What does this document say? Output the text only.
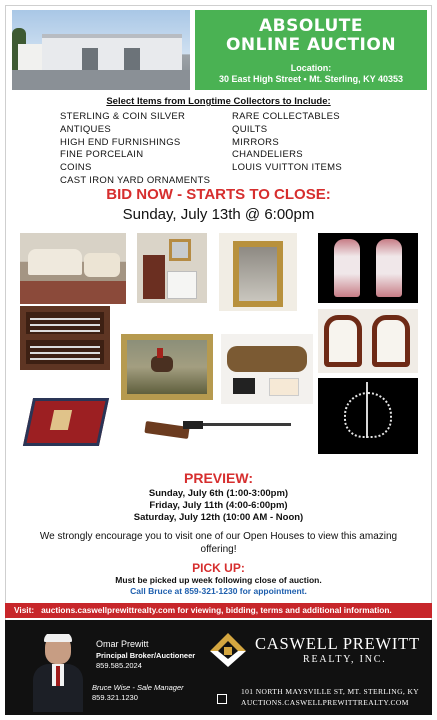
ABSOLUTE
ONLINE AUCTION
Location:
30 East High Street • Mt. Sterling, KY 40353
Select Items from Longtime Collectors to Include:
STERLING & COIN SILVER
ANTIQUES
HIGH END FURNISHINGS
FINE PORCELAIN
COINS
CAST IRON YARD ORNAMENTS
RARE COLLECTABLES
QUILTS
MIRRORS
CHANDELIERS
LOUIS VUITTON ITEMS
BID NOW - STARTS TO CLOSE:
Sunday, July 13th @ 6:00pm
PREVIEW:
Sunday, July 6th (1:00-3:00pm)
Friday, July 11th (4:00-6:00pm)
Saturday, July 12th (10:00 AM - Noon)
We strongly encourage you to visit one of our Open Houses to view this amazing
offering!
PICK UP:
Must be picked up week following close of auction.
Call Bruce at 859-321-1230 for appointment.
Visit: auctions.caswellprewittrealty.com for viewing, bidding, terms and additional information.
Omar Prewitt
Principal Broker/Auctioneer
859.585.2024
Bruce Wise - Sale Manager
859.321.1230
CASWELL PREWITT
REALTY, INC.
101 NORTH MAYSVILLE ST, MT. STERLING, KY
AUCTIONS.CASWELLPREWITTREALTY.COM
